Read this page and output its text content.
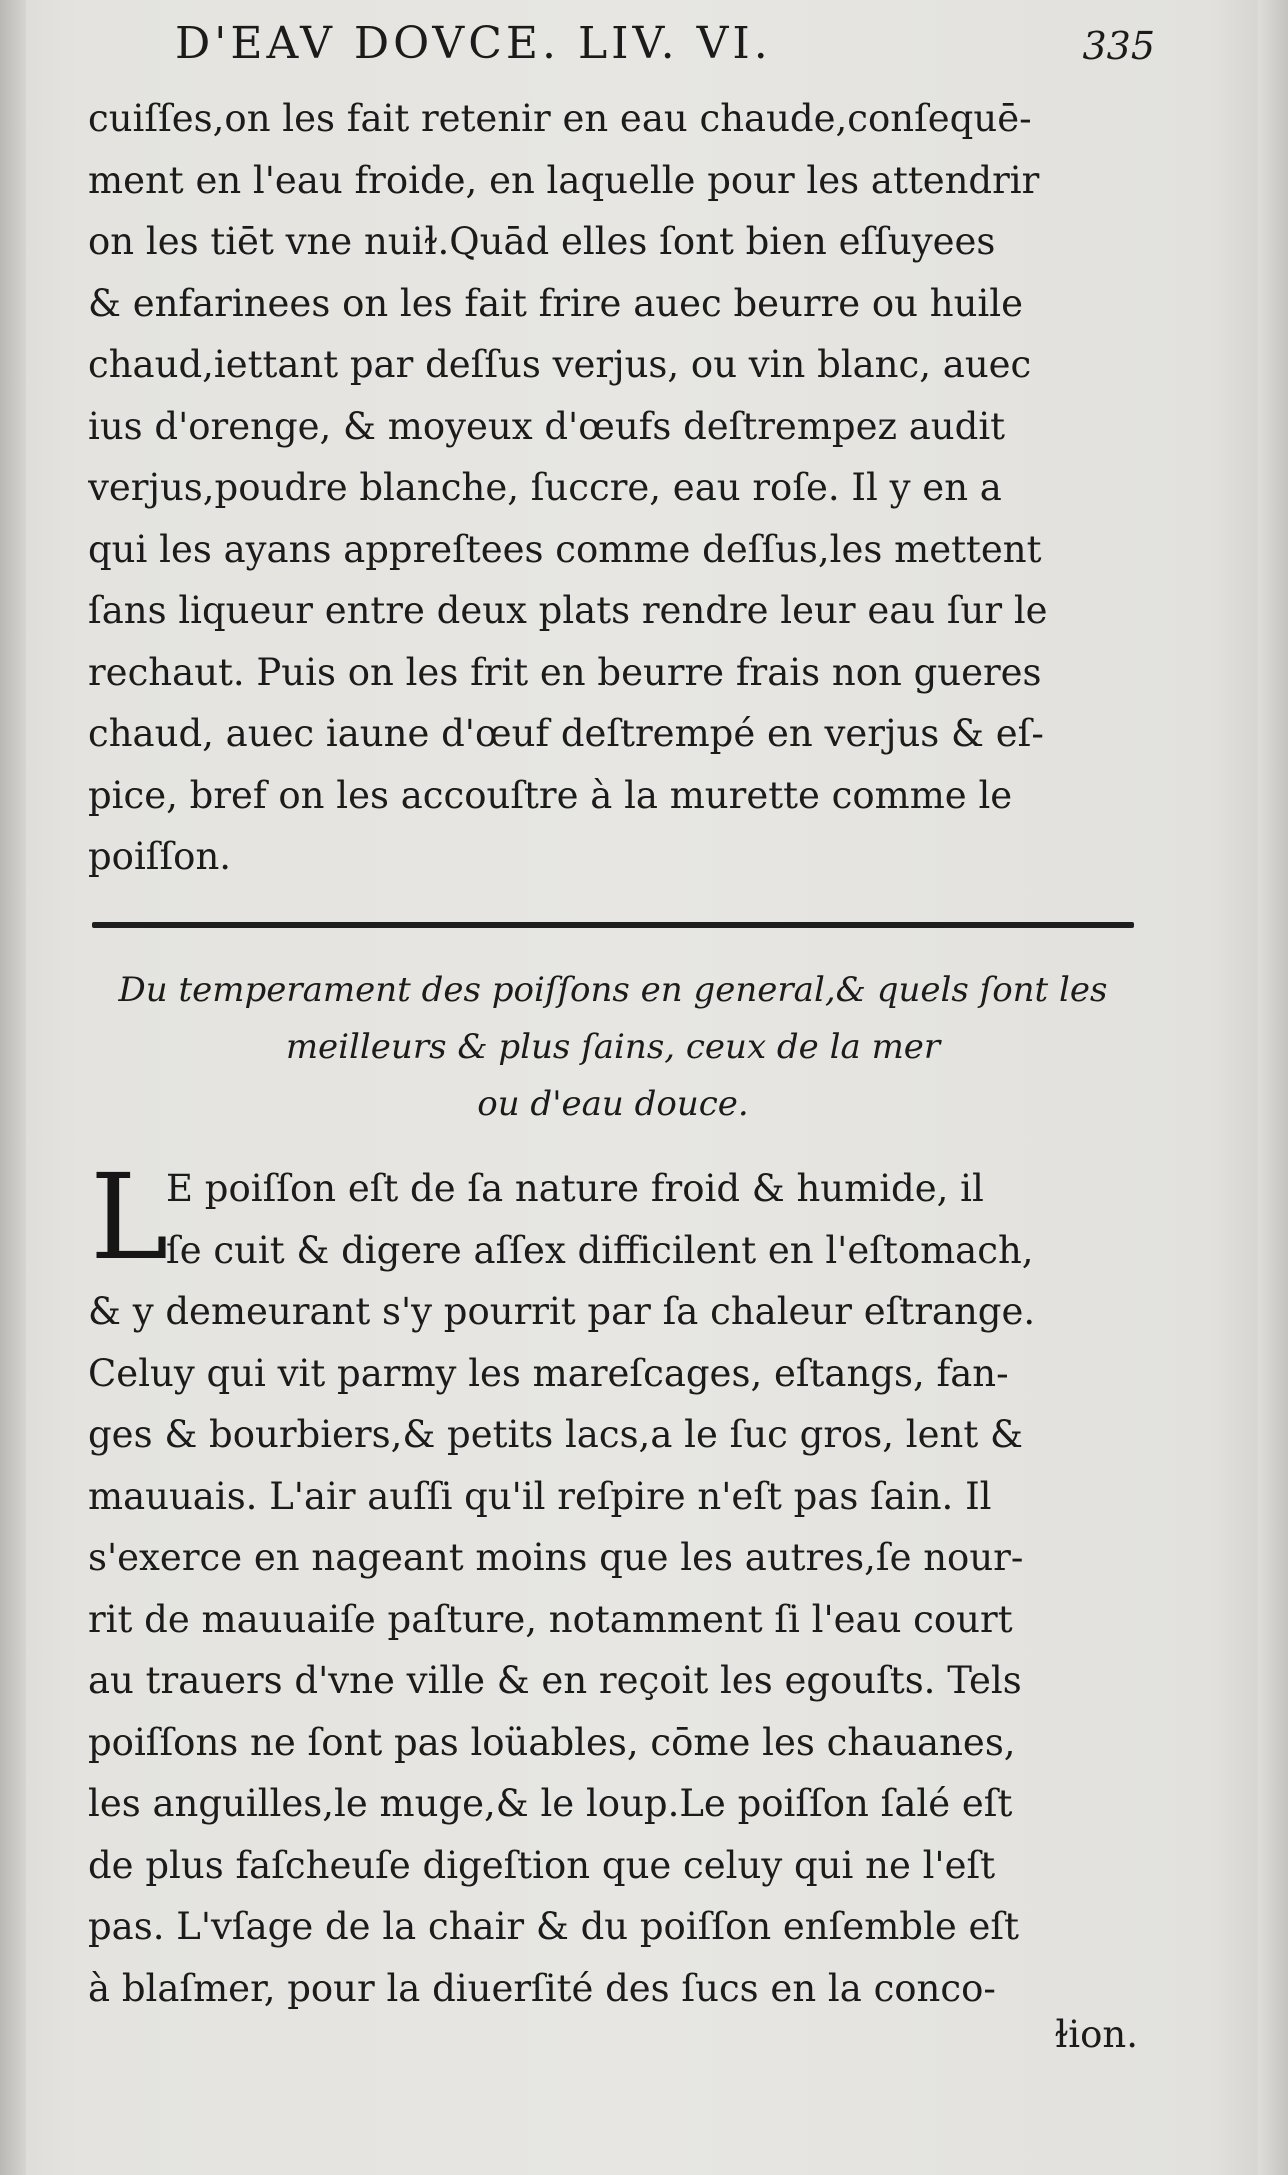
D'EAV DOVCE. LIV. VI.	335
cuiſſes,on les fait retenir en eau chaude,conſequē-
ment en l'eau froide, en laquelle pour les attendrir
on les tiēt vne nuiɫ.Quād elles ſont bien eſſuyees
& enfarinees on les fait frire auec beurre ou huile
chaud,iettant par deſſus verjus, ou vin blanc, auec
ius d'orenge, & moyeux d'œufs deſtrempez audit
verjus,poudre blanche, ſuccre, eau roſe. Il y en a
qui les ayans appreſtees comme deſſus,les mettent
ſans liqueur entre deux plats rendre leur eau ſur le
rechaut. Puis on les frit en beurre frais non gueres
chaud, auec iaune d'œuf deſtrempé en verjus & eſ-
pice, bref on les accouſtre à la murette comme le
poiſſon.
Du temperament des poiſſons en general,& quels ſont les
meilleurs & plus ſains, ceux de la mer
ou d'eau douce.
L
E poiſſon eſt de ſa nature froid & humide, il
ſe cuit & digere aſſex difficilent en l'eſtomach,
& y demeurant s'y pourrit par ſa chaleur eſtrange.
Celuy qui vit parmy les mareſcages, eſtangs, fan-
ges & bourbiers,& petits lacs,a le ſuc gros, lent &
mauuais. L'air auſſi qu'il reſpire n'eſt pas ſain. Il
s'exerce en nageant moins que les autres,ſe nour-
rit de mauuaiſe paſture, notamment ſi l'eau court
au trauers d'vne ville & en reçoit les egouſts. Tels
poiſſons ne ſont pas loüables, cōme les chauanes,
les anguilles,le muge,& le loup.Le poiſſon ſalé eſt
de plus faſcheuſe digeſtion que celuy qui ne l'eſt
pas. L'vſage de la chair & du poiſſon enſemble eſt
à blaſmer, pour la diuerſité des ſucs en la conco-
ɫion.
